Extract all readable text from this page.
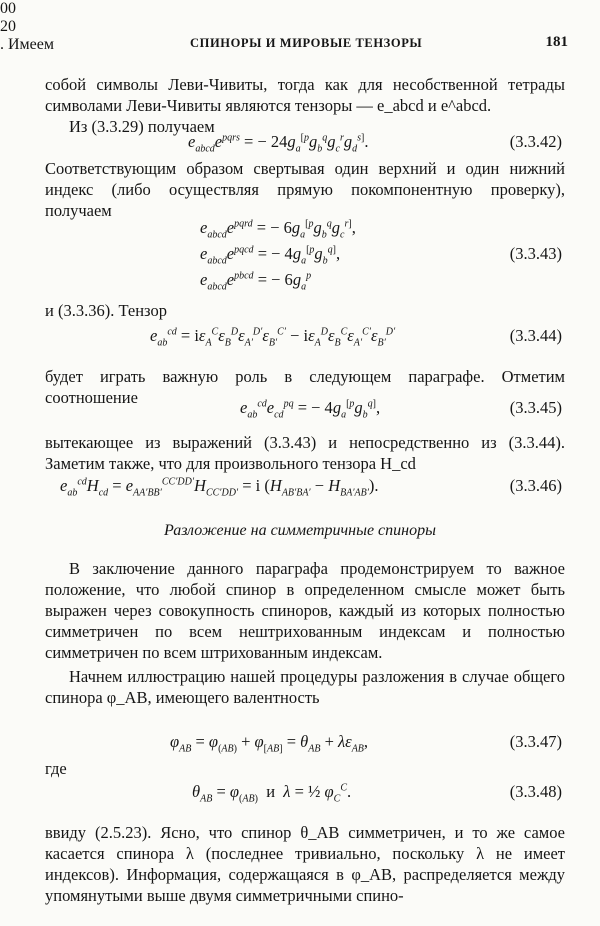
СПИНОРЫ И МИРОВЫЕ ТЕНЗОРЫ	181

собой символы Леви-Чивиты, тогда как для несобственной тетрады символами Леви-Чивиты являются тензоры — e_abcd и e^abcd.

Из (3.3.29) получаем

$e_{abcd}e^{pqrs}$ = − $24g_a^{[p}g_b^qg_c^rg_d^{s]}$.	(3.3.42)

Соответствующим образом свертывая один верхний и один нижний индекс (либо осуществляя прямую покомпонентную проверку), получаем

$e_{abcd}e^{pqrd}$ = − $6g_a^{[p}g_b^qg_c^{r]}$,
$e_{abcd}e^{pqcd}$ = − $4g_a^{[p}g_b^{q]}$,	(3.3.43)
$e_{abcd}e^{pbcd}$ = − $6g_a^p$

и (3.3.36). Тензор

$e_{ab}^{cd} = i\varepsilon_A^C\varepsilon_B^D\varepsilon_{A'}^{D'}\varepsilon_{B'}^{C'} - i\varepsilon_A^D\varepsilon_B^C\varepsilon_{A'}^{C'}\varepsilon_{B'}^{D'}$	(3.3.44)

будет играть важную роль в следующем параграфе. Отметим соотношение

$e_{ab}^{cd}e_{cd}^{pq}$ = − $4g_a^{[p}g_b^{q]}$,	(3.3.45)

вытекающее из выражений (3.3.43) и непосредственно из (3.3.44). Заметим также, что для произвольного тензора H_cd

$e_{ab}^{cd}H_{cd} = e_{AA'BB'}^{CC'DD'}H_{CC'DD'} = i$ $(H_{AB'BA'} - H_{BA'AB'})$.	(3.3.46)
Разложение на симметричные спиноры

В заключение данного параграфа продемонстрируем то важное положение, что любой спинор в определенном смысле может быть выражен через совокупность спиноров, каждый из которых полностью симметричен по всем нештрихованным индексам и полностью симметричен по всем штрихованным индексам.

Начнем иллюстрацию нашей процедуры разложения в случае общего спинора φ_AB, имеющего валентность

00
20
. Имеем

$\varphi_{AB} = \varphi_{(AB)} + \varphi_{[AB]} = \theta_{AB} + \lambda\varepsilon_{AB}$,	(3.3.47)

где

$\theta_{AB} = \varphi_{(AB)}$  и  λ = ½ $\varphi_C^C$.	(3.3.48)

ввиду (2.5.23). Ясно, что спинор θ_AB симметричен, и то же самое касается спинора λ (последнее тривиально, поскольку λ не имеет индексов). Информация, содержащаяся в φ_AB, распределяется между упомянутыми выше двумя симметричными спино-
